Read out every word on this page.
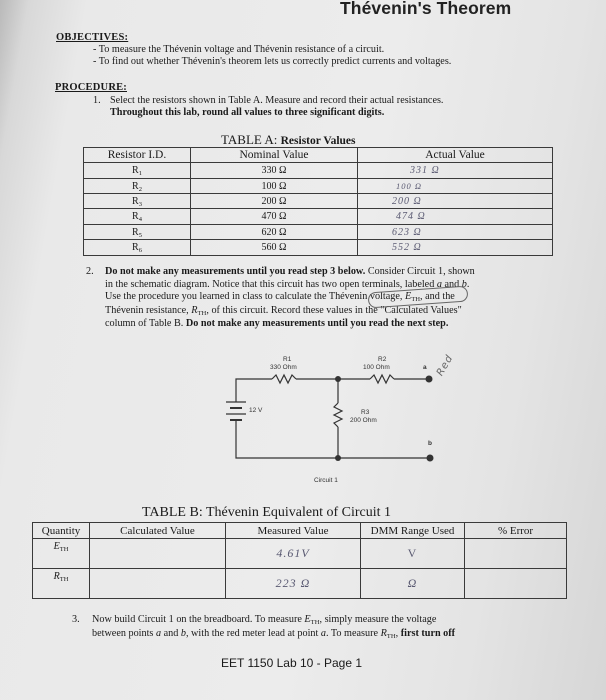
Thévenin's Theorem
OBJECTIVES:
- To measure the Thévenin voltage and Thévenin resistance of a circuit.
- To find out whether Thévenin's theorem lets us correctly predict currents and voltages.
PROCEDURE:
1. Select the resistors shown in Table A. Measure and record their actual resistances.
Throughout this lab, round all values to three significant digits.
TABLE A: Resistor Values
Resistor I.D.	Nominal Value	Actual Value
$R_1$	330 Ω	331 Ω
$R_2$	100 Ω	100 Ω
$R_3$	200 Ω	200 Ω
$R_4$	470 Ω	474 Ω
$R_5$	620 Ω	623 Ω
$R_6$	560 Ω	552 Ω
2. Do not make any measurements until you read step 3 below. Consider Circuit 1, shown
in the schematic diagram. Notice that this circuit has two open terminals, labeled a and b.
Use the procedure you learned in class to calculate the Thévenin voltage, $E_{TH}$, and the
Thévenin resistance, $R_{TH}$, of this circuit. Record these values in the "Calculated Values"
column of Table B. Do not make any measurements until you read the next step.
R1
330 Ohm
R2
100 Ohm	a
12 V	R3
200 Ohm
b
Circuit 1
Red
TABLE B: Thévenin Equivalent of Circuit 1
Quantity	Calculated Value	Measured Value	DMM Range Used	% Error
$E_{TH}$		4.61V	V	
$R_{TH}$		223 Ω	Ω	
3. Now build Circuit 1 on the breadboard. To measure $E_{TH}$, simply measure the voltage
between points a and b, with the red meter lead at point a. To measure $R_{TH}$, first turn off
EET 1150 Lab 10 - Page 1
